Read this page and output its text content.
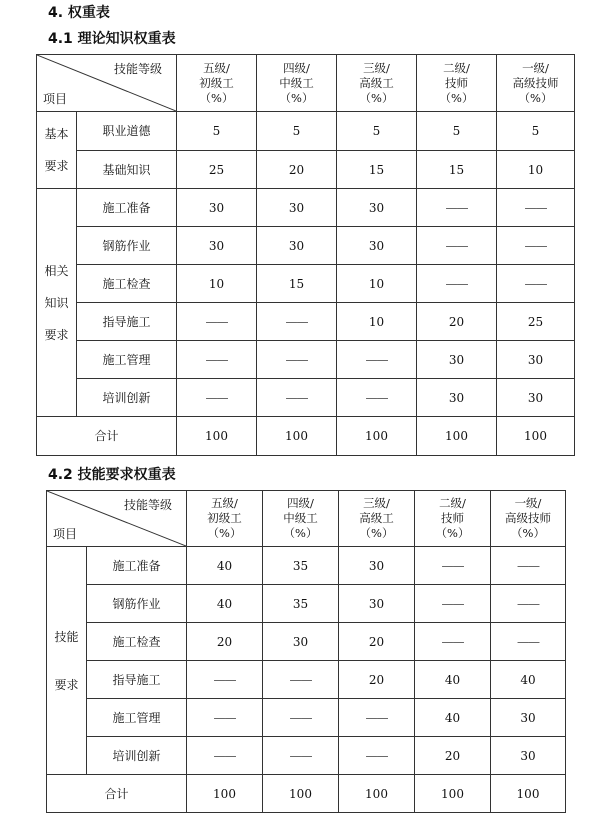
4. 权重表
4.1 理论知识权重表
技能等级
项目		五级/
初级工
（%）	四级/
中级工
（%）	三级/
高级工
（%）	二级/
技师
（%）	一级/
高级技师
（%）
基本

要求	职业道德	5	5	5	5	5
	基础知识	25	20	15	15	10
相关

知识

要求	施工准备	30	30	30	——	——
	钢筋作业	30	30	30	——	——
	施工检查	10	15	10	——	——
	指导施工	——	——	10	20	25
	施工管理	——	——	——	30	30
	培训创新	——	——	——	30	30
合计		100	100	100	100	100
4.2 技能要求权重表
技能等级
项目		五级/
初级工
（%）	四级/
中级工
（%）	三级/
高级工
（%）	二级/
技师
（%）	一级/
高级技师
（%）
技能

要求	施工准备	40	35	30	——	——
	钢筋作业	40	35	30	——	——
	施工检查	20	30	20	——	——
	指导施工	——	——	20	40	40
	施工管理	——	——	——	40	30
	培训创新	——	——	——	20	30
合计		100	100	100	100	100
